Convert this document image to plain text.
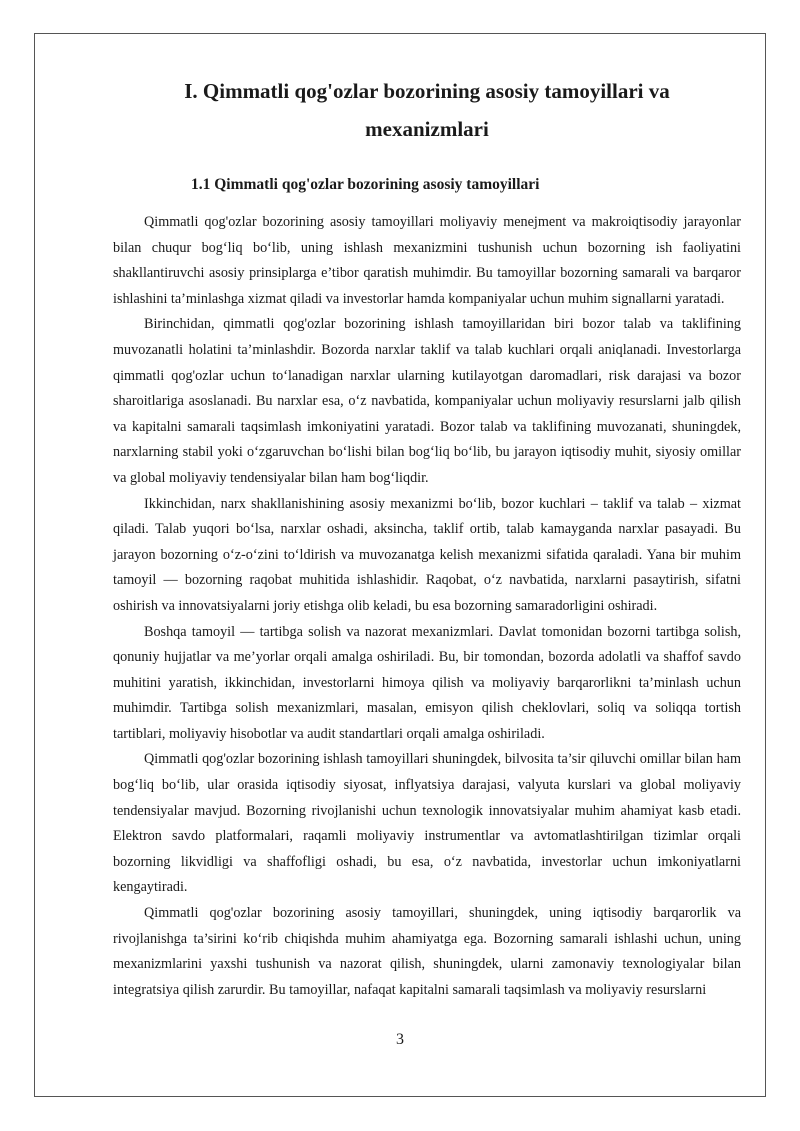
I. Qimmatli qog'ozlar bozorining asosiy tamoyillari va mexanizmlari
1.1 Qimmatli qog'ozlar bozorining asosiy tamoyillari

Qimmatli qog'ozlar bozorining asosiy tamoyillari moliyaviy menejment va makroiqtisodiy jarayonlar bilan chuqur bog‘liq bo‘lib, uning ishlash mexanizmini tushunish uchun bozorning ish faoliyatini shakllantiruvchi asosiy prinsiplarga e’tibor qaratish muhimdir. Bu tamoyillar bozorning samarali va barqaror ishlashini ta’minlashga xizmat qiladi va investorlar hamda kompaniyalar uchun muhim signallarni yaratadi.

Birinchidan, qimmatli qog'ozlar bozorining ishlash tamoyillaridan biri bozor talab va taklifining muvozanatli holatini ta’minlashdir. Bozorda narxlar taklif va talab kuchlari orqali aniqlanadi. Investorlarga qimmatli qog'ozlar uchun to‘lanadigan narxlar ularning kutilayotgan daromadlari, risk darajasi va bozor sharoitlariga asoslanadi. Bu narxlar esa, o‘z navbatida, kompaniyalar uchun moliyaviy resurslarni jalb qilish va kapitalni samarali taqsimlash imkoniyatini yaratadi. Bozor talab va taklifining muvozanati, shuningdek, narxlarning stabil yoki o‘zgaruvchan bo‘lishi bilan bog‘liq bo‘lib, bu jarayon iqtisodiy muhit, siyosiy omillar va global moliyaviy tendensiyalar bilan ham bog‘liqdir.

Ikkinchidan, narx shakllanishining asosiy mexanizmi bo‘lib, bozor kuchlari – taklif va talab – xizmat qiladi. Talab yuqori bo‘lsa, narxlar oshadi, aksincha, taklif ortib, talab kamayganda narxlar pasayadi. Bu jarayon bozorning o‘z-o‘zini to‘ldirish va muvozanatga kelish mexanizmi sifatida qaraladi. Yana bir muhim tamoyil — bozorning raqobat muhitida ishlashidir. Raqobat, o‘z navbatida, narxlarni pasaytirish, sifatni oshirish va innovatsiyalarni joriy etishga olib keladi, bu esa bozorning samaradorligini oshiradi.

Boshqa tamoyil — tartibga solish va nazorat mexanizmlari. Davlat tomonidan bozorni tartibga solish, qonuniy hujjatlar va me’yorlar orqali amalga oshiriladi. Bu, bir tomondan, bozorda adolatli va shaffof savdo muhitini yaratish, ikkinchidan, investorlarni himoya qilish va moliyaviy barqarorlikni ta’minlash uchun muhimdir. Tartibga solish mexanizmlari, masalan, emisyon qilish cheklovlari, soliq va soliqqa tortish tartiblari, moliyaviy hisobotlar va audit standartlari orqali amalga oshiriladi.

Qimmatli qog'ozlar bozorining ishlash tamoyillari shuningdek, bilvosita ta’sir qiluvchi omillar bilan ham bog‘liq bo‘lib, ular orasida iqtisodiy siyosat, inflyatsiya darajasi, valyuta kurslari va global moliyaviy tendensiyalar mavjud. Bozorning rivojlanishi uchun texnologik innovatsiyalar muhim ahamiyat kasb etadi. Elektron savdo platformalari, raqamli moliyaviy instrumentlar va avtomatlashtirilgan tizimlar orqali bozorning likvidligi va shaffofligi oshadi, bu esa, o‘z navbatida, investorlar uchun imkoniyatlarni kengaytiradi.

Qimmatli qog'ozlar bozorining asosiy tamoyillari, shuningdek, uning iqtisodiy barqarorlik va rivojlanishga ta’sirini ko‘rib chiqishda muhim ahamiyatga ega. Bozorning samarali ishlashi uchun, uning mexanizmlarini yaxshi tushunish va nazorat qilish, shuningdek, ularni zamonaviy texnologiyalar bilan integratsiya qilish zarurdir. Bu tamoyillar, nafaqat kapitalni samarali taqsimlash va moliyaviy resurslarni

3
